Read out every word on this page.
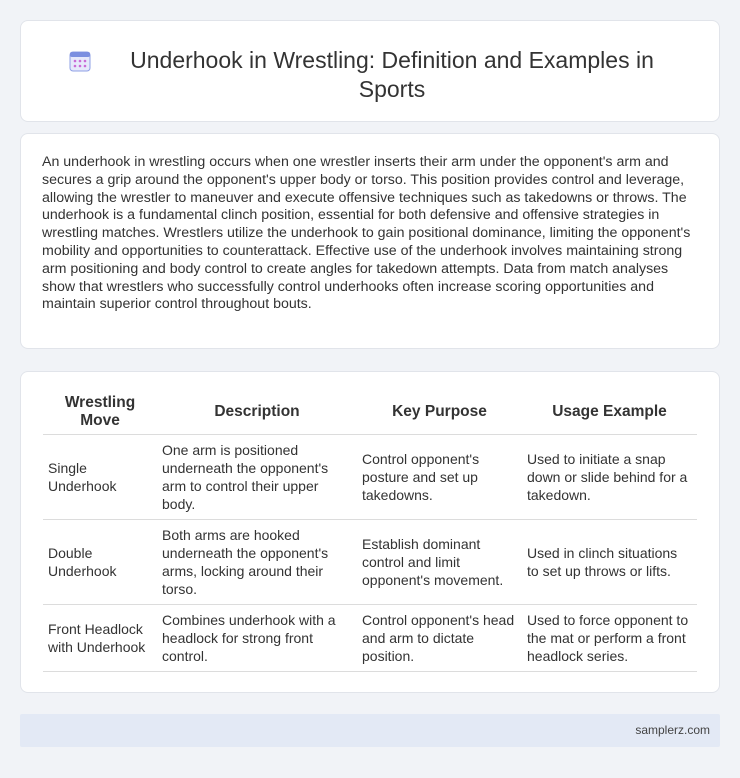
Underhook in Wrestling: Definition and Examples in Sports

An underhook in wrestling occurs when one wrestler inserts their arm under the opponent's arm and secures a grip around the opponent's upper body or torso. This position provides control and leverage, allowing the wrestler to maneuver and execute offensive techniques such as takedowns or throws. The underhook is a fundamental clinch position, essential for both defensive and offensive strategies in wrestling matches. Wrestlers utilize the underhook to gain positional dominance, limiting the opponent's mobility and opportunities to counterattack. Effective use of the underhook involves maintaining strong arm positioning and body control to create angles for takedown attempts. Data from match analyses show that wrestlers who successfully control underhooks often increase scoring opportunities and maintain superior control throughout bouts.

Wrestling Move	Description	Key Purpose	Usage Example
Single Underhook	One arm is positioned underneath the opponent's arm to control their upper body.	Control opponent's posture and set up takedowns.	Used to initiate a snap down or slide behind for a takedown.
Double Underhook	Both arms are hooked underneath the opponent's arms, locking around their torso.	Establish dominant control and limit opponent's movement.	Used in clinch situations to set up throws or lifts.
Front Headlock with Underhook	Combines underhook with a headlock for strong front control.	Control opponent's head and arm to dictate position.	Used to force opponent to the mat or perform a front headlock series.
samplerz.com
